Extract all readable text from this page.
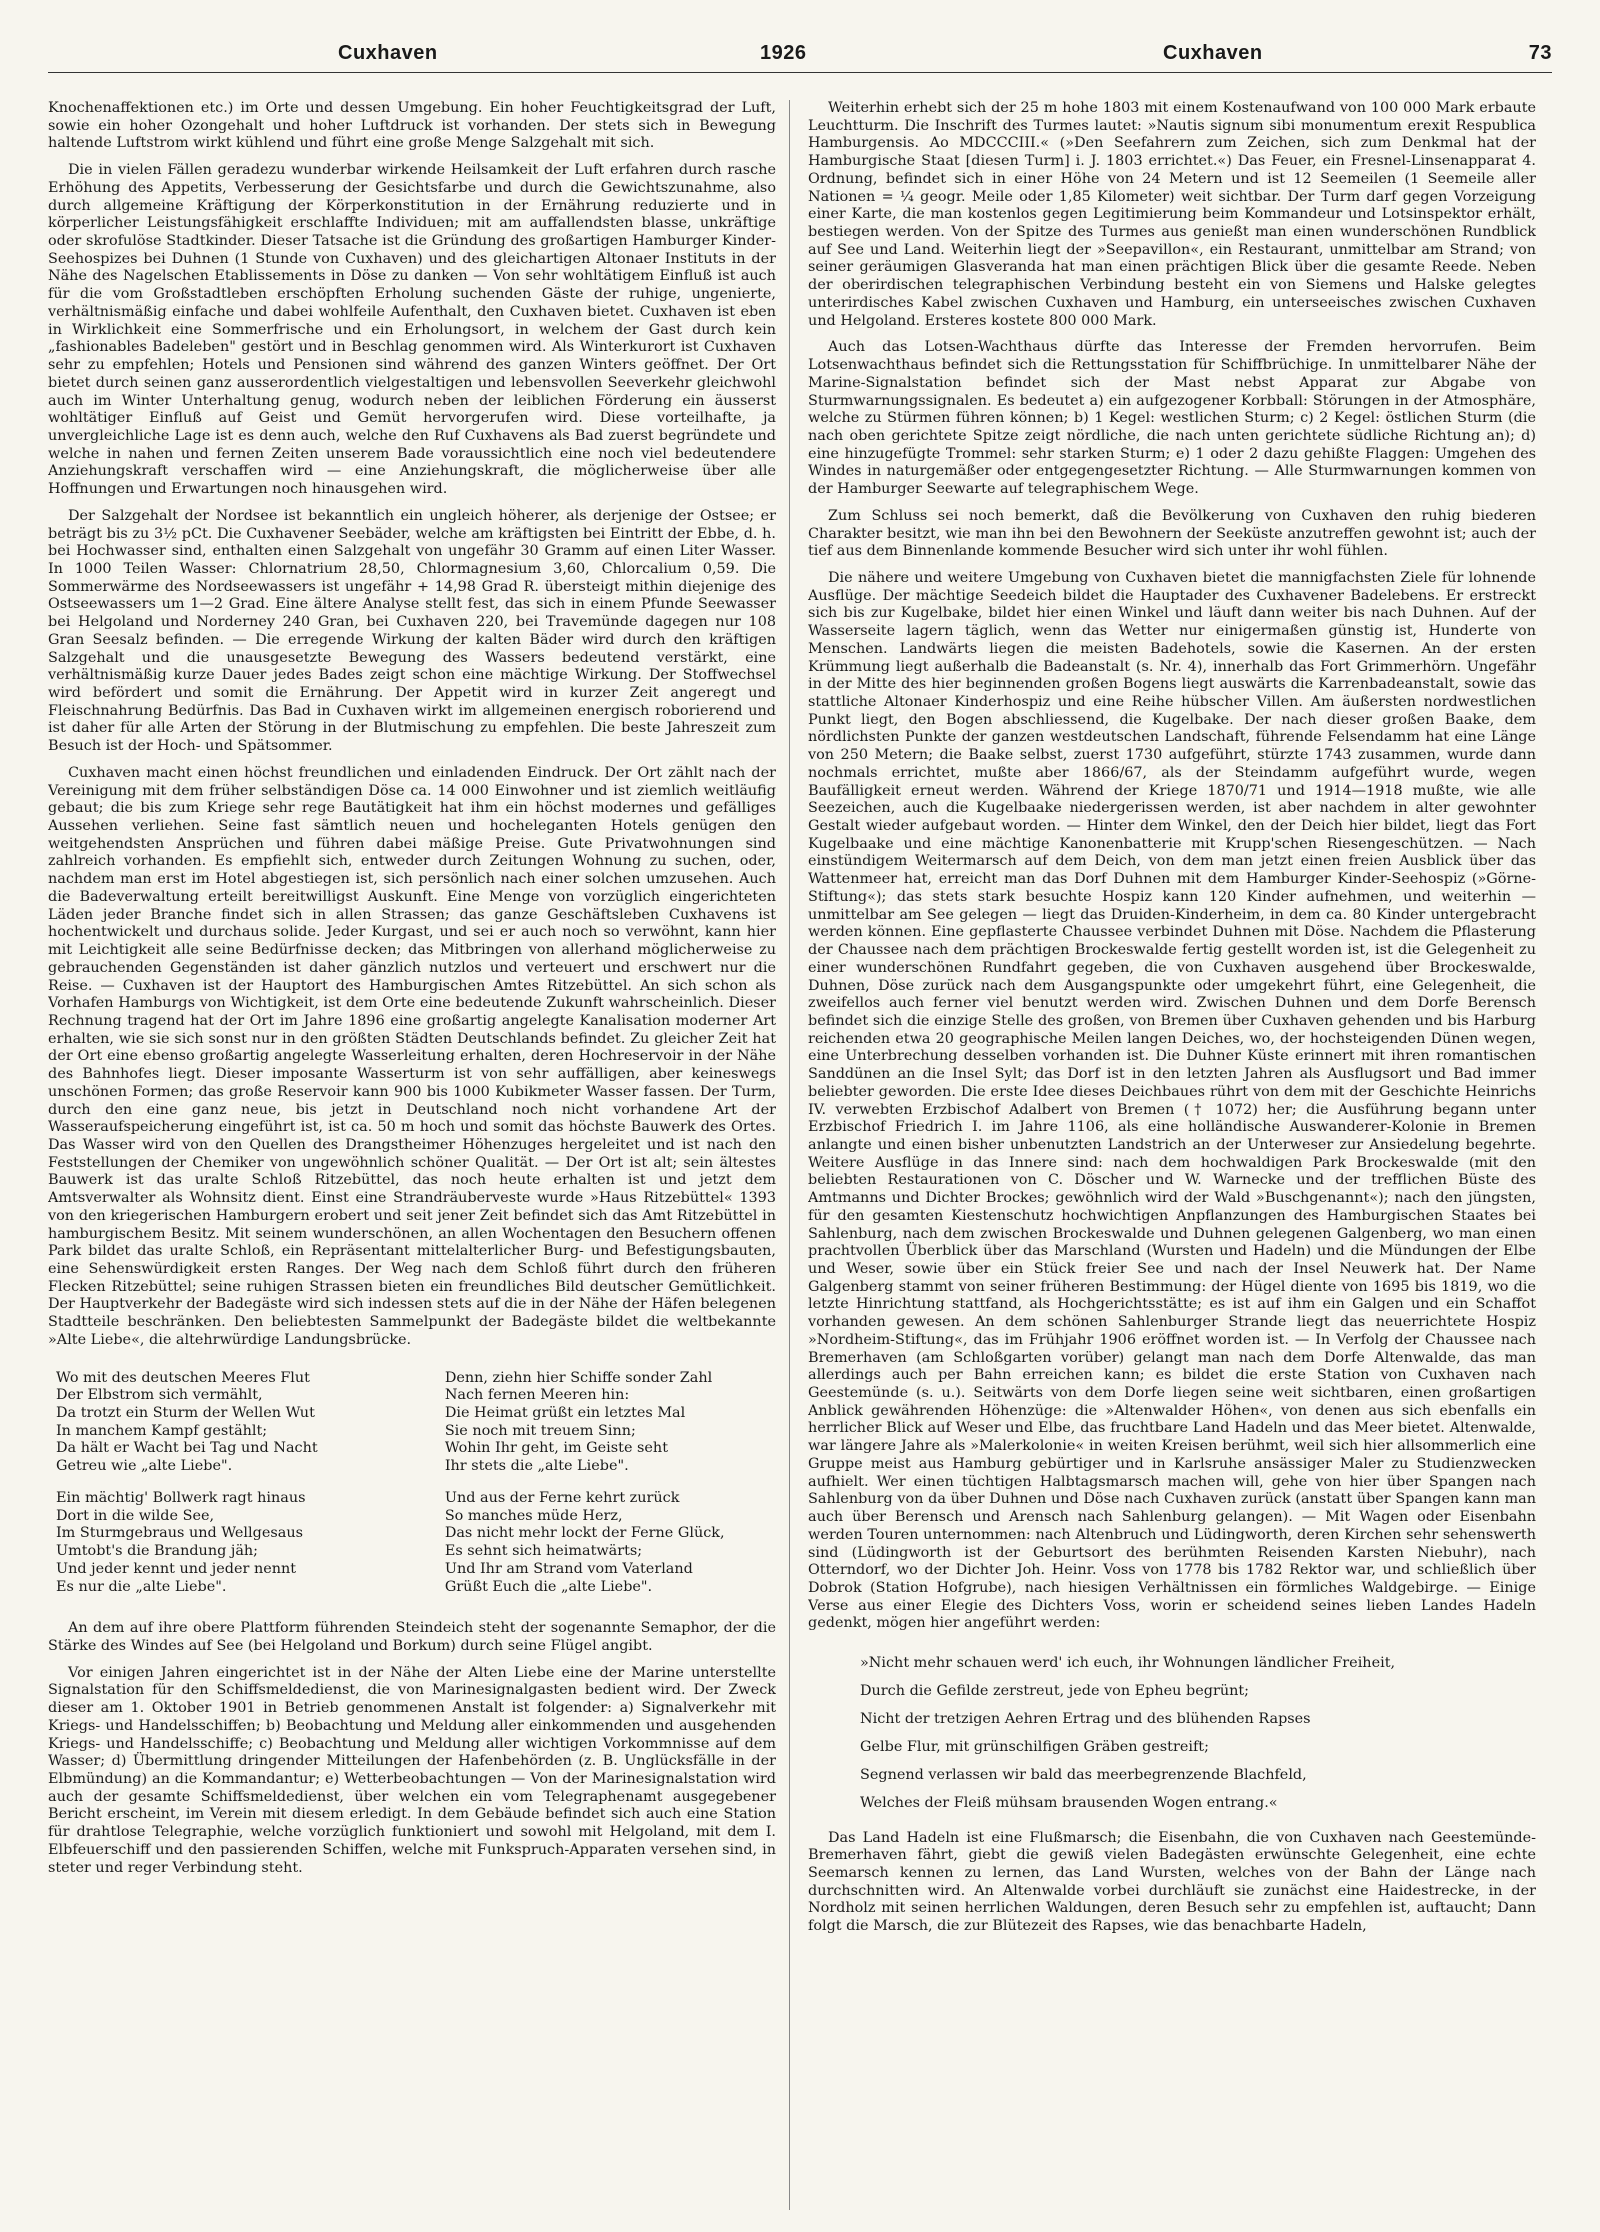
Cuxhaven	1926	Cuxhaven	73

Knochenaffektionen etc.) im Orte und dessen Umgebung. Ein hoher Feuchtigkeitsgrad der Luft, sowie ein hoher Ozongehalt und hoher Luftdruck ist vorhanden. Der stets sich in Bewegung haltende Luftstrom wirkt kühlend und führt eine große Menge Salzgehalt mit sich.

Die in vielen Fällen geradezu wunderbar wirkende Heilsamkeit der Luft erfahren durch rasche Erhöhung des Appetits, Verbesserung der Gesichtsfarbe und durch die Gewichtszunahme, also durch allgemeine Kräftigung der Körperkonstitution in der Ernährung reduzierte und in körperlicher Leistungsfähigkeit erschlaffte Individuen; mit am auffallendsten blasse, unkräftige oder skrofulöse Stadtkinder. Dieser Tatsache ist die Gründung des großartigen Hamburger Kinder-Seehospizes bei Duhnen (1 Stunde von Cuxhaven) und des gleichartigen Altonaer Instituts in der Nähe des Nagelschen Etablissements in Döse zu danken — Von sehr wohltätigem Einfluß ist auch für die vom Großstadtleben erschöpften Erholung suchenden Gäste der ruhige, ungenierte, verhältnismäßig einfache und dabei wohlfeile Aufenthalt, den Cuxhaven bietet. Cuxhaven ist eben in Wirklichkeit eine Sommerfrische und ein Erholungsort, in welchem der Gast durch kein „fashionables Badeleben" gestört und in Beschlag genommen wird. Als Winterkurort ist Cuxhaven sehr zu empfehlen; Hotels und Pensionen sind während des ganzen Winters geöffnet. Der Ort bietet durch seinen ganz ausserordentlich vielgestaltigen und lebensvollen Seeverkehr gleichwohl auch im Winter Unterhaltung genug, wodurch neben der leiblichen Förderung ein äusserst wohltätiger Einfluß auf Geist und Gemüt hervorgerufen wird. Diese vorteilhafte, ja unvergleichliche Lage ist es denn auch, welche den Ruf Cuxhavens als Bad zuerst begründete und welche in nahen und fernen Zeiten unserem Bade voraussichtlich eine noch viel bedeutendere Anziehungskraft verschaffen wird — eine Anziehungskraft, die möglicherweise über alle Hoffnungen und Erwartungen noch hinausgehen wird.

Der Salzgehalt der Nordsee ist bekanntlich ein ungleich höherer, als derjenige der Ostsee; er beträgt bis zu 3½ pCt. Die Cuxhavener Seebäder, welche am kräftigsten bei Eintritt der Ebbe, d. h. bei Hochwasser sind, enthalten einen Salzgehalt von ungefähr 30 Gramm auf einen Liter Wasser. In 1000 Teilen Wasser: Chlornatrium 28,50, Chlormagnesium 3,60, Chlorcalium 0,59. Die Sommerwärme des Nordseewassers ist ungefähr + 14,98 Grad R. übersteigt mithin diejenige des Ostseewassers um 1—2 Grad. Eine ältere Analyse stellt fest, das sich in einem Pfunde Seewasser bei Helgoland und Norderney 240 Gran, bei Cuxhaven 220, bei Travemünde dagegen nur 108 Gran Seesalz befinden. — Die erregende Wirkung der kalten Bäder wird durch den kräftigen Salzgehalt und die unausgesetzte Bewegung des Wassers bedeutend verstärkt, eine verhältnismäßig kurze Dauer jedes Bades zeigt schon eine mächtige Wirkung. Der Stoffwechsel wird befördert und somit die Ernährung. Der Appetit wird in kurzer Zeit angeregt und Fleischnahrung Bedürfnis. Das Bad in Cuxhaven wirkt im allgemeinen energisch roborierend und ist daher für alle Arten der Störung in der Blutmischung zu empfehlen. Die beste Jahreszeit zum Besuch ist der Hoch- und Spätsommer.

Cuxhaven macht einen höchst freundlichen und einladenden Eindruck. Der Ort zählt nach der Vereinigung mit dem früher selbständigen Döse ca. 14 000 Einwohner und ist ziemlich weitläufig gebaut; die bis zum Kriege sehr rege Bautätigkeit hat ihm ein höchst modernes und gefälliges Aussehen verliehen. Seine fast sämtlich neuen und hocheleganten Hotels genügen den weitgehendsten Ansprüchen und führen dabei mäßige Preise. Gute Privatwohnungen sind zahlreich vorhanden. Es empfiehlt sich, entweder durch Zeitungen Wohnung zu suchen, oder, nachdem man erst im Hotel abgestiegen ist, sich persönlich nach einer solchen umzusehen. Auch die Badeverwaltung erteilt bereitwilligst Auskunft. Eine Menge von vorzüglich eingerichteten Läden jeder Branche findet sich in allen Strassen; das ganze Geschäftsleben Cuxhavens ist hochentwickelt und durchaus solide. Jeder Kurgast, und sei er auch noch so verwöhnt, kann hier mit Leichtigkeit alle seine Bedürfnisse decken; das Mitbringen von allerhand möglicherweise zu gebrauchenden Gegenständen ist daher gänzlich nutzlos und verteuert und erschwert nur die Reise. — Cuxhaven ist der Hauptort des Hamburgischen Amtes Ritzebüttel. An sich schon als Vorhafen Hamburgs von Wichtigkeit, ist dem Orte eine bedeutende Zukunft wahrscheinlich. Dieser Rechnung tragend hat der Ort im Jahre 1896 eine großartig angelegte Kanalisation moderner Art erhalten, wie sie sich sonst nur in den größten Städten Deutschlands befindet. Zu gleicher Zeit hat der Ort eine ebenso großartig angelegte Wasserleitung erhalten, deren Hochreservoir in der Nähe des Bahnhofes liegt. Dieser imposante Wasserturm ist von sehr auffälligen, aber keineswegs unschönen Formen; das große Reservoir kann 900 bis 1000 Kubikmeter Wasser fassen. Der Turm, durch den eine ganz neue, bis jetzt in Deutschland noch nicht vorhandene Art der Wasseraufspeicherung eingeführt ist, ist ca. 50 m hoch und somit das höchste Bauwerk des Ortes. Das Wasser wird von den Quellen des Drangstheimer Höhenzuges hergeleitet und ist nach den Feststellungen der Chemiker von ungewöhnlich schöner Qualität. — Der Ort ist alt; sein ältestes Bauwerk ist das uralte Schloß Ritzebüttel, das noch heute erhalten ist und jetzt dem Amtsverwalter als Wohnsitz dient. Einst eine Strandräuberveste wurde »Haus Ritzebüttel« 1393 von den kriegerischen Hamburgern erobert und seit jener Zeit befindet sich das Amt Ritzebüttel in hamburgischem Besitz. Mit seinem wunderschönen, an allen Wochentagen den Besuchern offenen Park bildet das uralte Schloß, ein Repräsentant mittelalterlicher Burg- und Befestigungsbauten, eine Sehenswürdigkeit ersten Ranges. Der Weg nach dem Schloß führt durch den früheren Flecken Ritzebüttel; seine ruhigen Strassen bieten ein freundliches Bild deutscher Gemütlichkeit. Der Hauptverkehr der Badegäste wird sich indessen stets auf die in der Nähe der Häfen belegenen Stadtteile beschränken. Den beliebtesten Sammelpunkt der Badegäste bildet die weltbekannte »Alte Liebe«, die altehrwürdige Landungsbrücke.

Wo mit des deutschen Meeres Flut
Der Elbstrom sich vermählt,
Da trotzt ein Sturm der Wellen Wut
In manchem Kampf gestählt;
Da hält er Wacht bei Tag und Nacht
Getreu wie „alte Liebe".
Ein mächtig' Bollwerk ragt hinaus
Dort in die wilde See,
Im Sturmgebraus und Wellgesaus
Umtobt's die Brandung jäh;
Und jeder kennt und jeder nennt
Es nur die „alte Liebe".
Denn, ziehn hier Schiffe sonder Zahl
Nach fernen Meeren hin:
Die Heimat grüßt ein letztes Mal
Sie noch mit treuem Sinn;
Wohin Ihr geht, im Geiste seht
Ihr stets die „alte Liebe".
Und aus der Ferne kehrt zurück
So manches müde Herz,
Das nicht mehr lockt der Ferne Glück,
Es sehnt sich heimatwärts;
Und Ihr am Strand vom Vaterland
Grüßt Euch die „alte Liebe".

An dem auf ihre obere Plattform führenden Steindeich steht der sogenannte Semaphor, der die Stärke des Windes auf See (bei Helgoland und Borkum) durch seine Flügel angibt.

Vor einigen Jahren eingerichtet ist in der Nähe der Alten Liebe eine der Marine unterstellte Signalstation für den Schiffsmeldedienst, die von Marinesignalgasten bedient wird. Der Zweck dieser am 1. Oktober 1901 in Betrieb genommenen Anstalt ist folgender: a) Signalverkehr mit Kriegs- und Handelsschiffen; b) Beobachtung und Meldung aller einkommenden und ausgehenden Kriegs- und Handelsschiffe; c) Beobachtung und Meldung aller wichtigen Vorkommnisse auf dem Wasser; d) Übermittlung dringender Mitteilungen der Hafenbehörden (z. B. Unglücksfälle in der Elbmündung) an die Kommandantur; e) Wetterbeobachtungen — Von der Marinesignalstation wird auch der gesamte Schiffsmeldedienst, über welchen ein vom Telegraphenamt ausgegebener Bericht erscheint, im Verein mit diesem erledigt. In dem Gebäude befindet sich auch eine Station für drahtlose Telegraphie, welche vorzüglich funktioniert und sowohl mit Helgoland, mit dem I. Elbfeuerschiff und den passierenden Schiffen, welche mit Funkspruch-Apparaten versehen sind, in steter und reger Verbindung steht.

Weiterhin erhebt sich der 25 m hohe 1803 mit einem Kostenaufwand von 100 000 Mark erbaute Leuchtturm. Die Inschrift des Turmes lautet: »Nautis signum sibi monumentum erexit Respublica Hamburgensis. Ao MDCCCIII.« (»Den Seefahrern zum Zeichen, sich zum Denkmal hat der Hamburgische Staat [diesen Turm] i. J. 1803 errichtet.«) Das Feuer, ein Fresnel-Linsenapparat 4. Ordnung, befindet sich in einer Höhe von 24 Metern und ist 12 Seemeilen (1 Seemeile aller Nationen = ¼ geogr. Meile oder 1,85 Kilometer) weit sichtbar. Der Turm darf gegen Vorzeigung einer Karte, die man kostenlos gegen Legitimierung beim Kommandeur und Lotsinspektor erhält, bestiegen werden. Von der Spitze des Turmes aus genießt man einen wunderschönen Rundblick auf See und Land. Weiterhin liegt der »Seepavillon«, ein Restaurant, unmittelbar am Strand; von seiner geräumigen Glasveranda hat man einen prächtigen Blick über die gesamte Reede. Neben der oberirdischen telegraphischen Verbindung besteht ein von Siemens und Halske gelegtes unterirdisches Kabel zwischen Cuxhaven und Hamburg, ein unterseeisches zwischen Cuxhaven und Helgoland. Ersteres kostete 800 000 Mark.

Auch das Lotsen-Wachthaus dürfte das Interesse der Fremden hervorrufen. Beim Lotsenwachthaus befindet sich die Rettungsstation für Schiffbrüchige. In unmittelbarer Nähe der Marine-Signalstation befindet sich der Mast nebst Apparat zur Abgabe von Sturmwarnungssignalen. Es bedeutet a) ein aufgezogener Korbball: Störungen in der Atmosphäre, welche zu Stürmen führen können; b) 1 Kegel: westlichen Sturm; c) 2 Kegel: östlichen Sturm (die nach oben gerichtete Spitze zeigt nördliche, die nach unten gerichtete südliche Richtung an); d) eine hinzugefügte Trommel: sehr starken Sturm; e) 1 oder 2 dazu gehißte Flaggen: Umgehen des Windes in naturgemäßer oder entgegengesetzter Richtung. — Alle Sturmwarnungen kommen von der Hamburger Seewarte auf telegraphischem Wege.

Zum Schluss sei noch bemerkt, daß die Bevölkerung von Cuxhaven den ruhig biederen Charakter besitzt, wie man ihn bei den Bewohnern der Seeküste anzutreffen gewohnt ist; auch der tief aus dem Binnenlande kommende Besucher wird sich unter ihr wohl fühlen.

Die nähere und weitere Umgebung von Cuxhaven bietet die mannigfachsten Ziele für lohnende Ausflüge. Der mächtige Seedeich bildet die Hauptader des Cuxhavener Badelebens. Er erstreckt sich bis zur Kugelbake, bildet hier einen Winkel und läuft dann weiter bis nach Duhnen. Auf der Wasserseite lagern täglich, wenn das Wetter nur einigermaßen günstig ist, Hunderte von Menschen. Landwärts liegen die meisten Badehotels, sowie die Kasernen. An der ersten Krümmung liegt außerhalb die Badeanstalt (s. Nr. 4), innerhalb das Fort Grimmerhörn. Ungefähr in der Mitte des hier beginnenden großen Bogens liegt auswärts die Karrenbadeanstalt, sowie das stattliche Altonaer Kinderhospiz und eine Reihe hübscher Villen. Am äußersten nordwestlichen Punkt liegt, den Bogen abschliessend, die Kugelbake. Der nach dieser großen Baake, dem nördlichsten Punkte der ganzen westdeutschen Landschaft, führende Felsendamm hat eine Länge von 250 Metern; die Baake selbst, zuerst 1730 aufgeführt, stürzte 1743 zusammen, wurde dann nochmals errichtet, mußte aber 1866/67, als der Steindamm aufgeführt wurde, wegen Baufälligkeit erneut werden. Während der Kriege 1870/71 und 1914—1918 mußte, wie alle Seezeichen, auch die Kugelbaake niedergerissen werden, ist aber nachdem in alter gewohnter Gestalt wieder aufgebaut worden. — Hinter dem Winkel, den der Deich hier bildet, liegt das Fort Kugelbaake und eine mächtige Kanonenbatterie mit Krupp'schen Riesengeschützen. — Nach einstündigem Weitermarsch auf dem Deich, von dem man jetzt einen freien Ausblick über das Wattenmeer hat, erreicht man das Dorf Duhnen mit dem Hamburger Kinder-Seehospiz (»Görne-Stiftung«); das stets stark besuchte Hospiz kann 120 Kinder aufnehmen, und weiterhin — unmittelbar am See gelegen — liegt das Druiden-Kinderheim, in dem ca. 80 Kinder untergebracht werden können. Eine gepflasterte Chaussee verbindet Duhnen mit Döse. Nachdem die Pflasterung der Chaussee nach dem prächtigen Brockeswalde fertig gestellt worden ist, ist die Gelegenheit zu einer wunderschönen Rundfahrt gegeben, die von Cuxhaven ausgehend über Brockeswalde, Duhnen, Döse zurück nach dem Ausgangspunkte oder umgekehrt führt, eine Gelegenheit, die zweifellos auch ferner viel benutzt werden wird. Zwischen Duhnen und dem Dorfe Berensch befindet sich die einzige Stelle des großen, von Bremen über Cuxhaven gehenden und bis Harburg reichenden etwa 20 geographische Meilen langen Deiches, wo, der hochsteigenden Dünen wegen, eine Unterbrechung desselben vorhanden ist. Die Duhner Küste erinnert mit ihren romantischen Sanddünen an die Insel Sylt; das Dorf ist in den letzten Jahren als Ausflugsort und Bad immer beliebter geworden. Die erste Idee dieses Deichbaues rührt von dem mit der Geschichte Heinrichs IV. verwebten Erzbischof Adalbert von Bremen († 1072) her; die Ausführung begann unter Erzbischof Friedrich I. im Jahre 1106, als eine holländische Auswanderer-Kolonie in Bremen anlangte und einen bisher unbenutzten Landstrich an der Unterweser zur Ansiedelung begehrte. Weitere Ausflüge in das Innere sind: nach dem hochwaldigen Park Brockeswalde (mit den beliebten Restaurationen von C. Döscher und W. Warnecke und der trefflichen Büste des Amtmanns und Dichter Brockes; gewöhnlich wird der Wald »Buschgenannt«); nach den jüngsten, für den gesamten Kiestenschutz hochwichtigen Anpflanzungen des Hamburgischen Staates bei Sahlenburg, nach dem zwischen Brockeswalde und Duhnen gelegenen Galgenberg, wo man einen prachtvollen Überblick über das Marschland (Wursten und Hadeln) und die Mündungen der Elbe und Weser, sowie über ein Stück freier See und nach der Insel Neuwerk hat. Der Name Galgenberg stammt von seiner früheren Bestimmung: der Hügel diente von 1695 bis 1819, wo die letzte Hinrichtung stattfand, als Hochgerichtsstätte; es ist auf ihm ein Galgen und ein Schaffot vorhanden gewesen. An dem schönen Sahlenburger Strande liegt das neuerrichtete Hospiz »Nordheim-Stiftung«, das im Frühjahr 1906 eröffnet worden ist. — In Verfolg der Chaussee nach Bremerhaven (am Schloßgarten vorüber) gelangt man nach dem Dorfe Altenwalde, das man allerdings auch per Bahn erreichen kann; es bildet die erste Station von Cuxhaven nach Geestemünde (s. u.). Seitwärts von dem Dorfe liegen seine weit sichtbaren, einen großartigen Anblick gewährenden Höhenzüge: die »Altenwalder Höhen«, von denen aus sich ebenfalls ein herrlicher Blick auf Weser und Elbe, das fruchtbare Land Hadeln und das Meer bietet. Altenwalde, war längere Jahre als »Malerkolonie« in weiten Kreisen berühmt, weil sich hier allsommerlich eine Gruppe meist aus Hamburg gebürtiger und in Karlsruhe ansässiger Maler zu Studienzwecken aufhielt. Wer einen tüchtigen Halbtagsmarsch machen will, gehe von hier über Spangen nach Sahlenburg von da über Duhnen und Döse nach Cuxhaven zurück (anstatt über Spangen kann man auch über Berensch und Arensch nach Sahlenburg gelangen). — Mit Wagen oder Eisenbahn werden Touren unternommen: nach Altenbruch und Lüdingworth, deren Kirchen sehr sehenswerth sind (Lüdingworth ist der Geburtsort des berühmten Reisenden Karsten Niebuhr), nach Otterndorf, wo der Dichter Joh. Heinr. Voss von 1778 bis 1782 Rektor war, und schließlich über Dobrok (Station Hofgrube), nach hiesigen Verhältnissen ein förmliches Waldgebirge. — Einige Verse aus einer Elegie des Dichters Voss, worin er scheidend seines lieben Landes Hadeln gedenkt, mögen hier angeführt werden:

»Nicht mehr schauen werd' ich euch, ihr Wohnungen ländlicher Freiheit,
Durch die Gefilde zerstreut, jede von Epheu begrünt;
Nicht der tretzigen Aehren Ertrag und des blühenden Rapses
Gelbe Flur, mit grünschilfigen Gräben gestreift;
Segnend verlassen wir bald das meerbegrenzende Blachfeld,
Welches der Fleiß mühsam brausenden Wogen entrang.«

Das Land Hadeln ist eine Flußmarsch; die Eisenbahn, die von Cuxhaven nach Geestemünde-Bremerhaven fährt, giebt die gewiß vielen Badegästen erwünschte Gelegenheit, eine echte Seemarsch kennen zu lernen, das Land Wursten, welches von der Bahn der Länge nach durchschnitten wird. An Altenwalde vorbei durchläuft sie zunächst eine Haidestrecke, in der Nordholz mit seinen herrlichen Waldungen, deren Besuch sehr zu empfehlen ist, auftaucht; Dann folgt die Marsch, die zur Blütezeit des Rapses, wie das benachbarte Hadeln,
